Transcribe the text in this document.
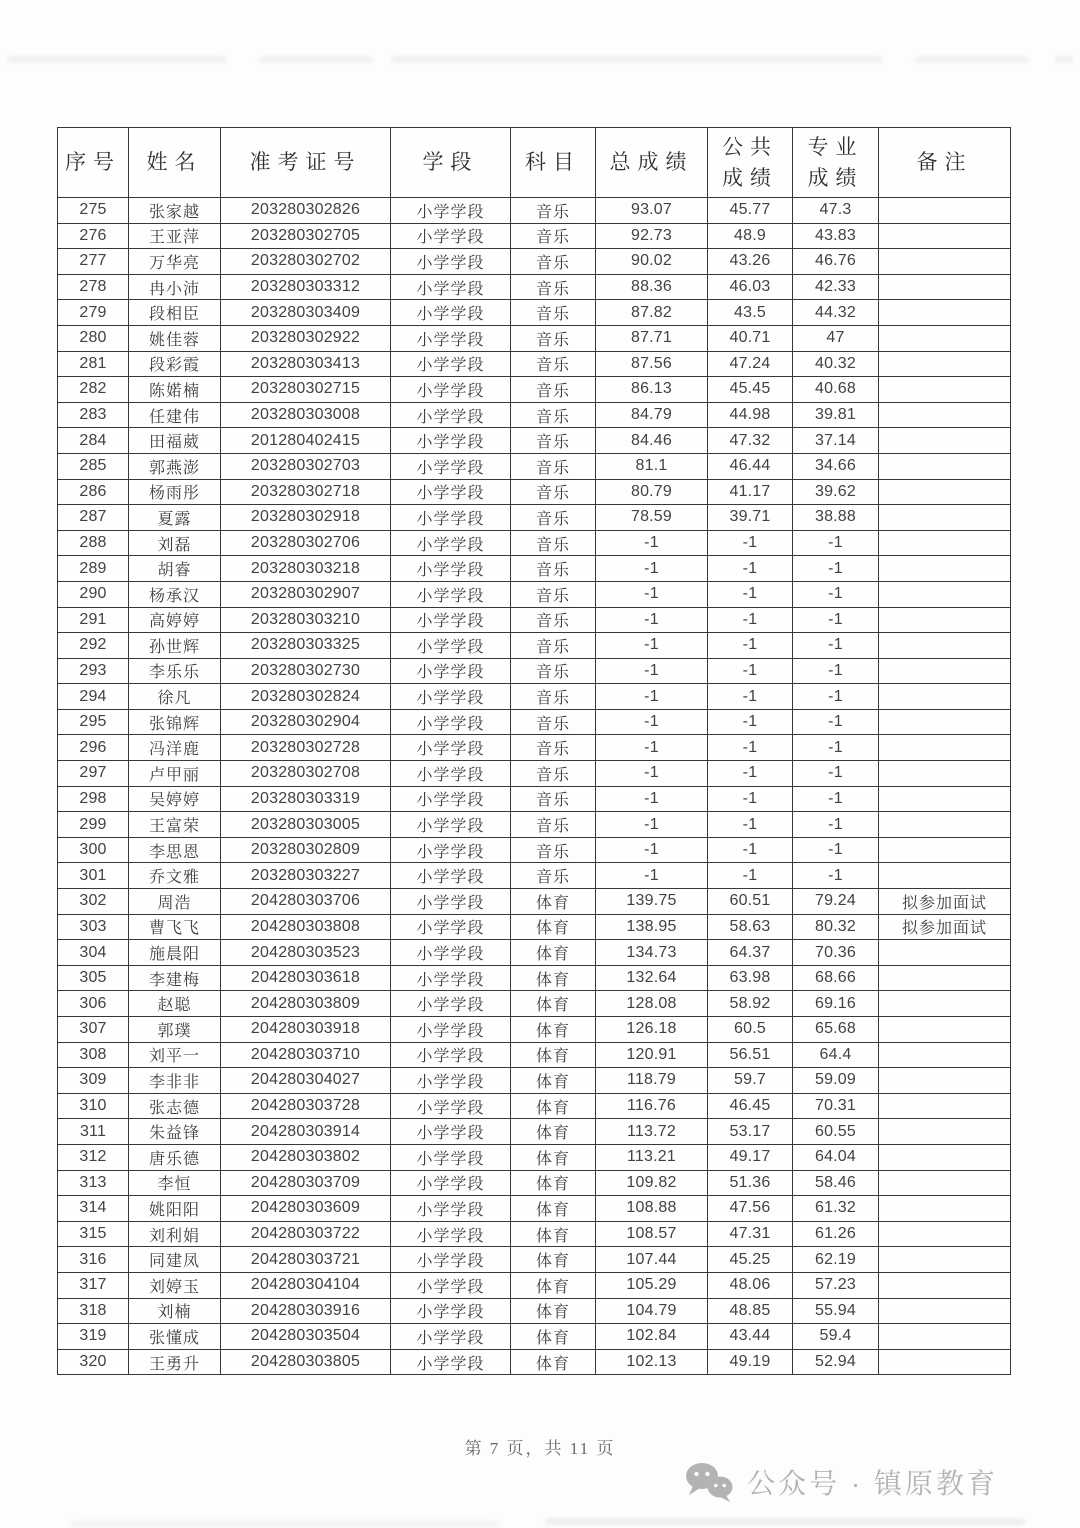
序号	姓名	准考证号	学段	科目	总成绩	公共成绩	专业成绩	备注
275	张家越	203280302826	小学学段	音乐	93.07	45.77	47.3	
276	王亚萍	203280302705	小学学段	音乐	92.73	48.9	43.83	
277	万华亮	203280302702	小学学段	音乐	90.02	43.26	46.76	
278	冉小沛	203280303312	小学学段	音乐	88.36	46.03	42.33	
279	段相臣	203280303409	小学学段	音乐	87.82	43.5	44.32	
280	姚佳蓉	203280302922	小学学段	音乐	87.71	40.71	47	
281	段彩霞	203280303413	小学学段	音乐	87.56	47.24	40.32	
282	陈婼楠	203280302715	小学学段	音乐	86.13	45.45	40.68	
283	任建伟	203280303008	小学学段	音乐	84.79	44.98	39.81	
284	田福葳	201280402415	小学学段	音乐	84.46	47.32	37.14	
285	郭燕澎	203280302703	小学学段	音乐	81.1	46.44	34.66	
286	杨雨彤	203280302718	小学学段	音乐	80.79	41.17	39.62	
287	夏露	203280302918	小学学段	音乐	78.59	39.71	38.88	
288	刘磊	203280302706	小学学段	音乐	-1	-1	-1	
289	胡睿	203280303218	小学学段	音乐	-1	-1	-1	
290	杨承汉	203280302907	小学学段	音乐	-1	-1	-1	
291	高婷婷	203280303210	小学学段	音乐	-1	-1	-1	
292	孙世辉	203280303325	小学学段	音乐	-1	-1	-1	
293	李乐乐	203280302730	小学学段	音乐	-1	-1	-1	
294	徐凡	203280302824	小学学段	音乐	-1	-1	-1	
295	张锦辉	203280302904	小学学段	音乐	-1	-1	-1	
296	冯洋鹿	203280302728	小学学段	音乐	-1	-1	-1	
297	卢甲丽	203280302708	小学学段	音乐	-1	-1	-1	
298	吴婷婷	203280303319	小学学段	音乐	-1	-1	-1	
299	王富荣	203280303005	小学学段	音乐	-1	-1	-1	
300	李思恩	203280302809	小学学段	音乐	-1	-1	-1	
301	乔文雅	203280303227	小学学段	音乐	-1	-1	-1	
302	周浩	204280303706	小学学段	体育	139.75	60.51	79.24	拟参加面试
303	曹飞飞	204280303808	小学学段	体育	138.95	58.63	80.32	拟参加面试
304	施晨阳	204280303523	小学学段	体育	134.73	64.37	70.36	
305	李建梅	204280303618	小学学段	体育	132.64	63.98	68.66	
306	赵聪	204280303809	小学学段	体育	128.08	58.92	69.16	
307	郭璞	204280303918	小学学段	体育	126.18	60.5	65.68	
308	刘平一	204280303710	小学学段	体育	120.91	56.51	64.4	
309	李非非	204280304027	小学学段	体育	118.79	59.7	59.09	
310	张志德	204280303728	小学学段	体育	116.76	46.45	70.31	
311	朱益锋	204280303914	小学学段	体育	113.72	53.17	60.55	
312	唐乐德	204280303802	小学学段	体育	113.21	49.17	64.04	
313	李恒	204280303709	小学学段	体育	109.82	51.36	58.46	
314	姚阳阳	204280303609	小学学段	体育	108.88	47.56	61.32	
315	刘利娟	204280303722	小学学段	体育	108.57	47.31	61.26	
316	同建凤	204280303721	小学学段	体育	107.44	45.25	62.19	
317	刘婷玉	204280304104	小学学段	体育	105.29	48.06	57.23	
318	刘楠	204280303916	小学学段	体育	104.79	48.85	55.94	
319	张懂成	204280303504	小学学段	体育	102.84	43.44	59.4	
320	王勇升	204280303805	小学学段	体育	102.13	49.19	52.94	
第 7 页，共 11 页
公众号 · 镇原教育
